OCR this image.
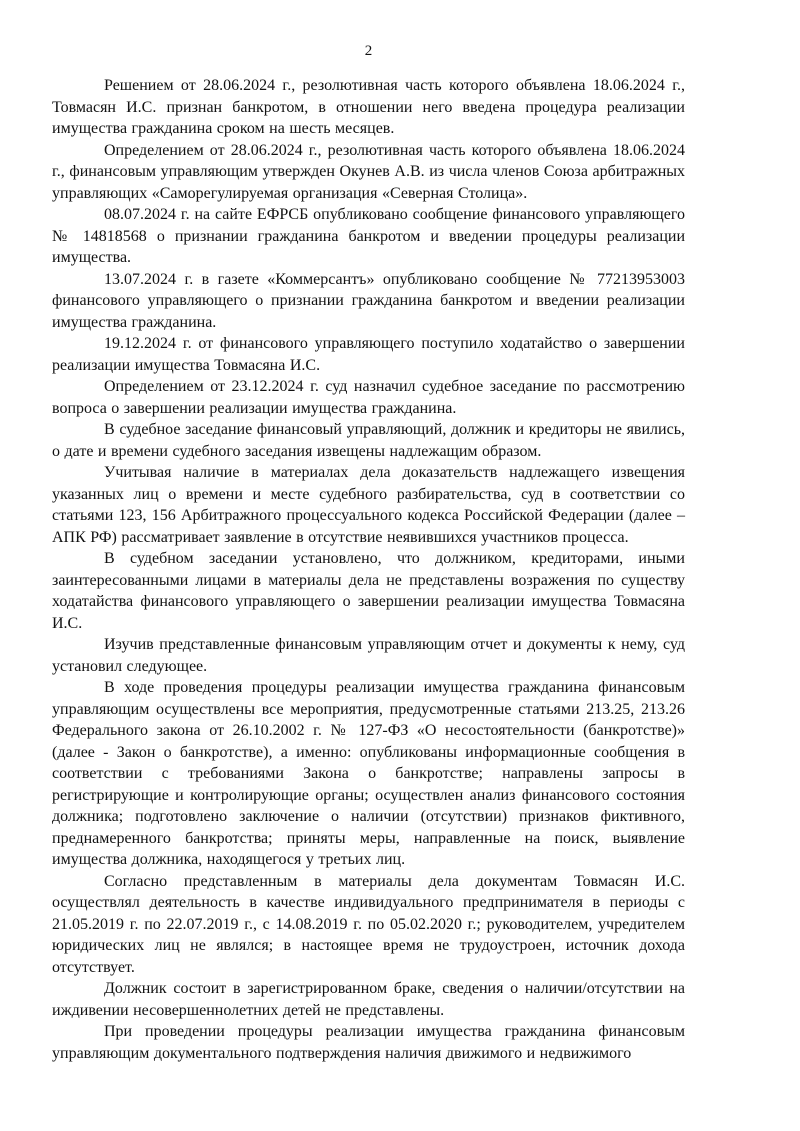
2

Решением от 28.06.2024 г., резолютивная часть которого объявлена 18.06.2024 г., Товмасян И.С. признан банкротом, в отношении него введена процедура реализации имущества гражданина сроком на шесть месяцев.

Определением от 28.06.2024 г., резолютивная часть которого объявлена 18.06.2024 г., финансовым управляющим утвержден Окунев А.В. из числа членов Союза арбитражных управляющих «Саморегулируемая организация «Северная Столица».

08.07.2024 г. на сайте ЕФРСБ опубликовано сообщение финансового управляющего № 14818568 о признании гражданина банкротом и введении процедуры реализации имущества.

13.07.2024 г. в газете «Коммерсантъ» опубликовано сообщение № 77213953003 финансового управляющего о признании гражданина банкротом и введении реализации имущества гражданина.

19.12.2024 г. от финансового управляющего поступило ходатайство о завершении реализации имущества Товмасяна И.С.

Определением от 23.12.2024 г. суд назначил судебное заседание по рассмотрению вопроса о завершении реализации имущества гражданина.

В судебное заседание финансовый управляющий, должник и кредиторы не явились, о дате и времени судебного заседания извещены надлежащим образом.

Учитывая наличие в материалах дела доказательств надлежащего извещения указанных лиц о времени и месте судебного разбирательства, суд в соответствии со статьями 123, 156 Арбитражного процессуального кодекса Российской Федерации (далее – АПК РФ) рассматривает заявление в отсутствие неявившихся участников процесса.

В судебном заседании установлено, что должником, кредиторами, иными заинтересованными лицами в материалы дела не представлены возражения по существу ходатайства финансового управляющего о завершении реализации имущества Товмасяна И.С.

Изучив представленные финансовым управляющим отчет и документы к нему, суд установил следующее.

В ходе проведения процедуры реализации имущества гражданина финансовым управляющим осуществлены все мероприятия, предусмотренные статьями 213.25, 213.26 Федерального закона от 26.10.2002 г. № 127-ФЗ «О несостоятельности (банкротстве)» (далее - Закон о банкротстве), а именно: опубликованы информационные сообщения в соответствии с требованиями Закона о банкротстве; направлены запросы в регистрирующие и контролирующие органы; осуществлен анализ финансового состояния должника; подготовлено заключение о наличии (отсутствии) признаков фиктивного, преднамеренного банкротства; приняты меры, направленные на поиск, выявление имущества должника, находящегося у третьих лиц.

Согласно представленным в материалы дела документам Товмасян И.С. осуществлял деятельность в качестве индивидуального предпринимателя в периоды с 21.05.2019 г. по 22.07.2019 г., с 14.08.2019 г. по 05.02.2020 г.; руководителем, учредителем юридических лиц не являлся; в настоящее время не трудоустроен, источник дохода отсутствует.

Должник состоит в зарегистрированном браке, сведения о наличии/отсутствии на иждивении несовершеннолетних детей не представлены.

При проведении процедуры реализации имущества гражданина финансовым управляющим документального подтверждения наличия движимого и недвижимого
